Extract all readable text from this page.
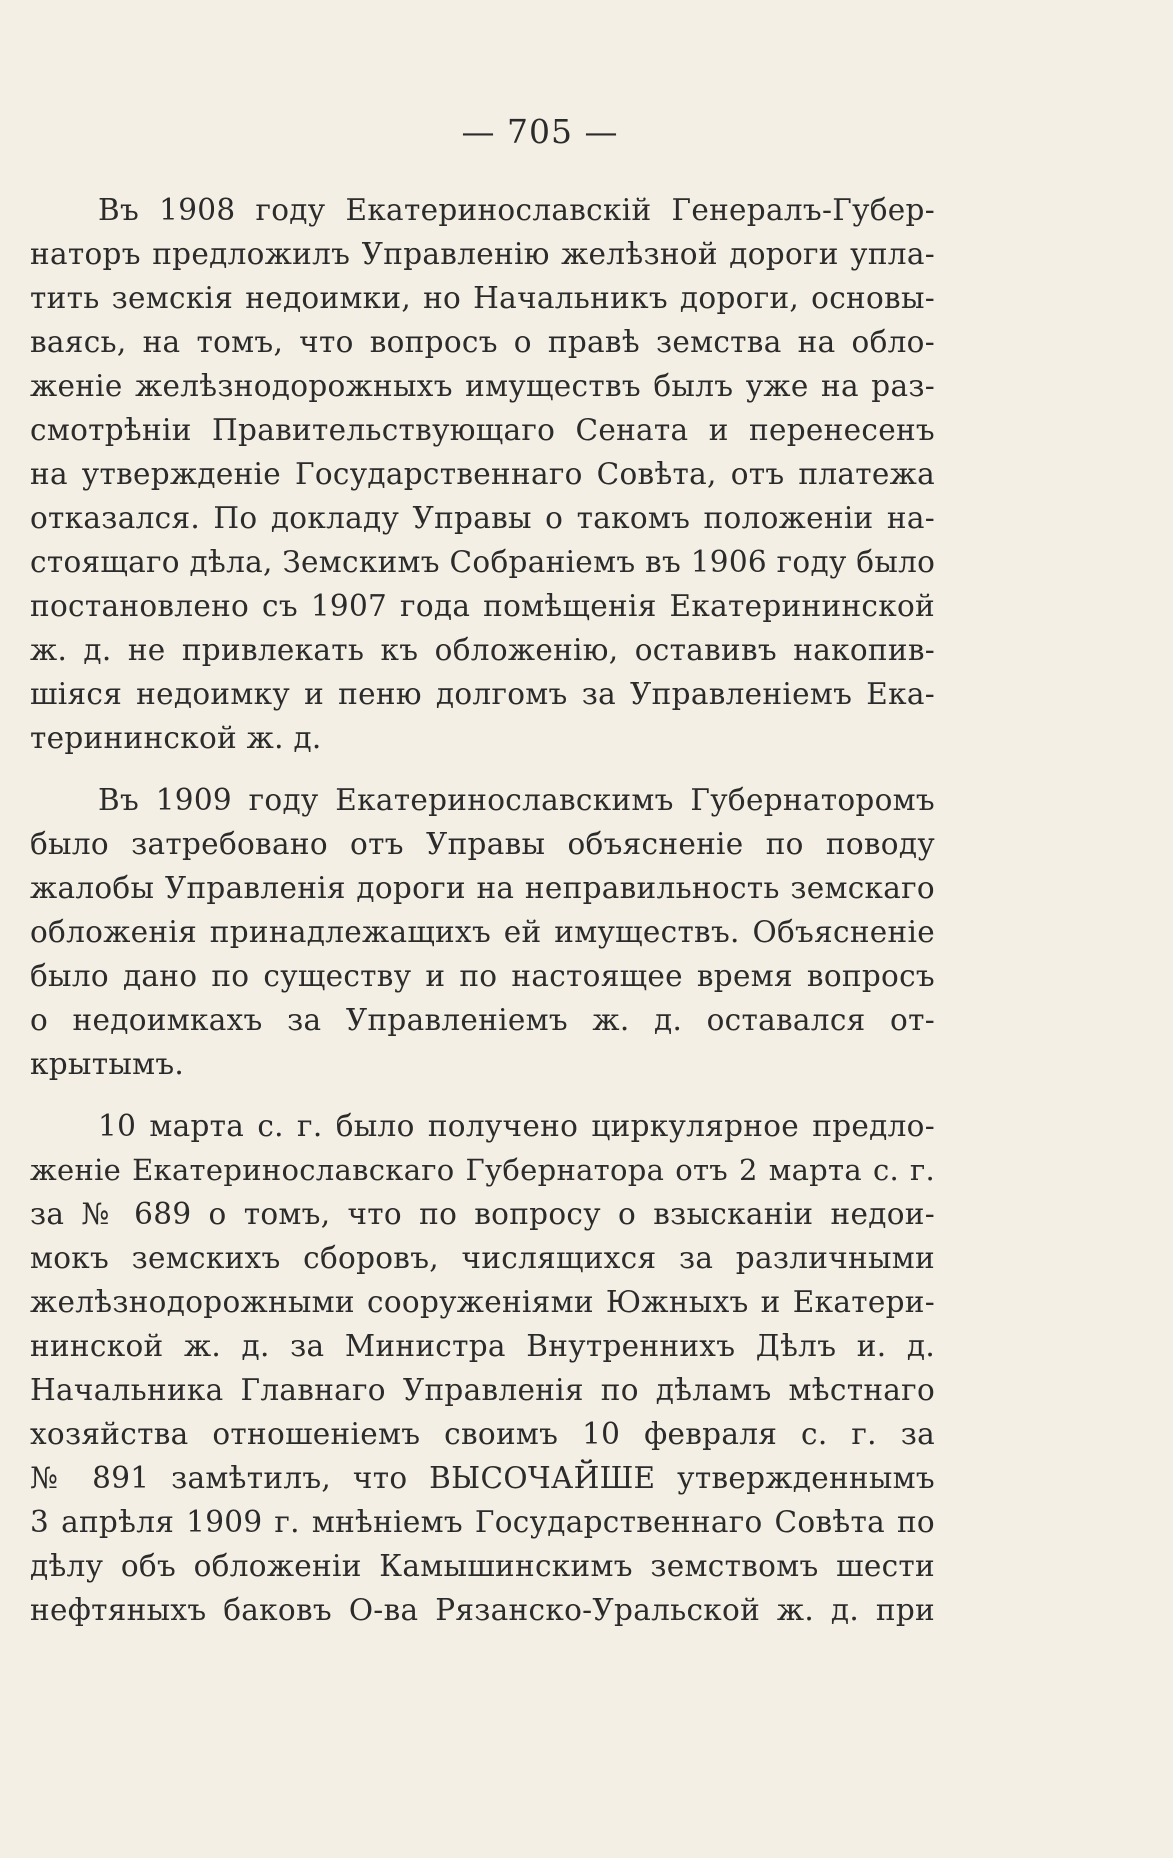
— 705 —
Въ 1908 году Екатеринославскій Генералъ-Губер-
наторъ предложилъ Управленію желѣзной дороги упла-
тить земскія недоимки, но Начальникъ дороги, основы-
ваясь, на томъ, что вопросъ о правѣ земства на обло-
женіе желѣзнодорожныхъ имуществъ былъ уже на раз-
смотрѣніи Правительствующаго Сената и перенесенъ
на утвержденіе Государственнаго Совѣта, отъ платежа
отказался. По докладу Управы о такомъ положеніи на-
стоящаго дѣла, Земскимъ Собраніемъ въ 1906 году было
постановлено съ 1907 года помѣщенія Екатерининской
ж. д. не привлекать къ обложенію, оставивъ накопив-
шіяся недоимку и пеню долгомъ за Управленіемъ Ека-
терининской ж. д.
Въ 1909 году Екатеринославскимъ Губернаторомъ
было затребовано отъ Управы объясненіе по поводу
жалобы Управленія дороги на неправильность земскаго
обложенія принадлежащихъ ей имуществъ. Объясненіе
было дано по существу и по настоящее время вопросъ
о недоимкахъ за Управленіемъ ж. д. оставался от-
крытымъ.
10 марта с. г. было получено циркулярное предло-
женіе Екатеринославскаго Губернатора отъ 2 марта с. г.
за № 689 о томъ, что по вопросу о взысканіи недои-
мокъ земскихъ сборовъ, числящихся за различными
желѣзнодорожными сооруженіями Южныхъ и Екатери-
нинской ж. д. за Министра Внутреннихъ Дѣлъ и. д.
Начальника Главнаго Управленія по дѣламъ мѣстнаго
хозяйства отношеніемъ своимъ 10 февраля с. г. за
№ 891 замѣтилъ, что ВЫСОЧАЙШЕ утвержденнымъ
3 апрѣля 1909 г. мнѣніемъ Государственнаго Совѣта по
дѣлу объ обложеніи Камышинскимъ земствомъ шести
нефтяныхъ баковъ О-ва Рязанско-Уральской ж. д. при
